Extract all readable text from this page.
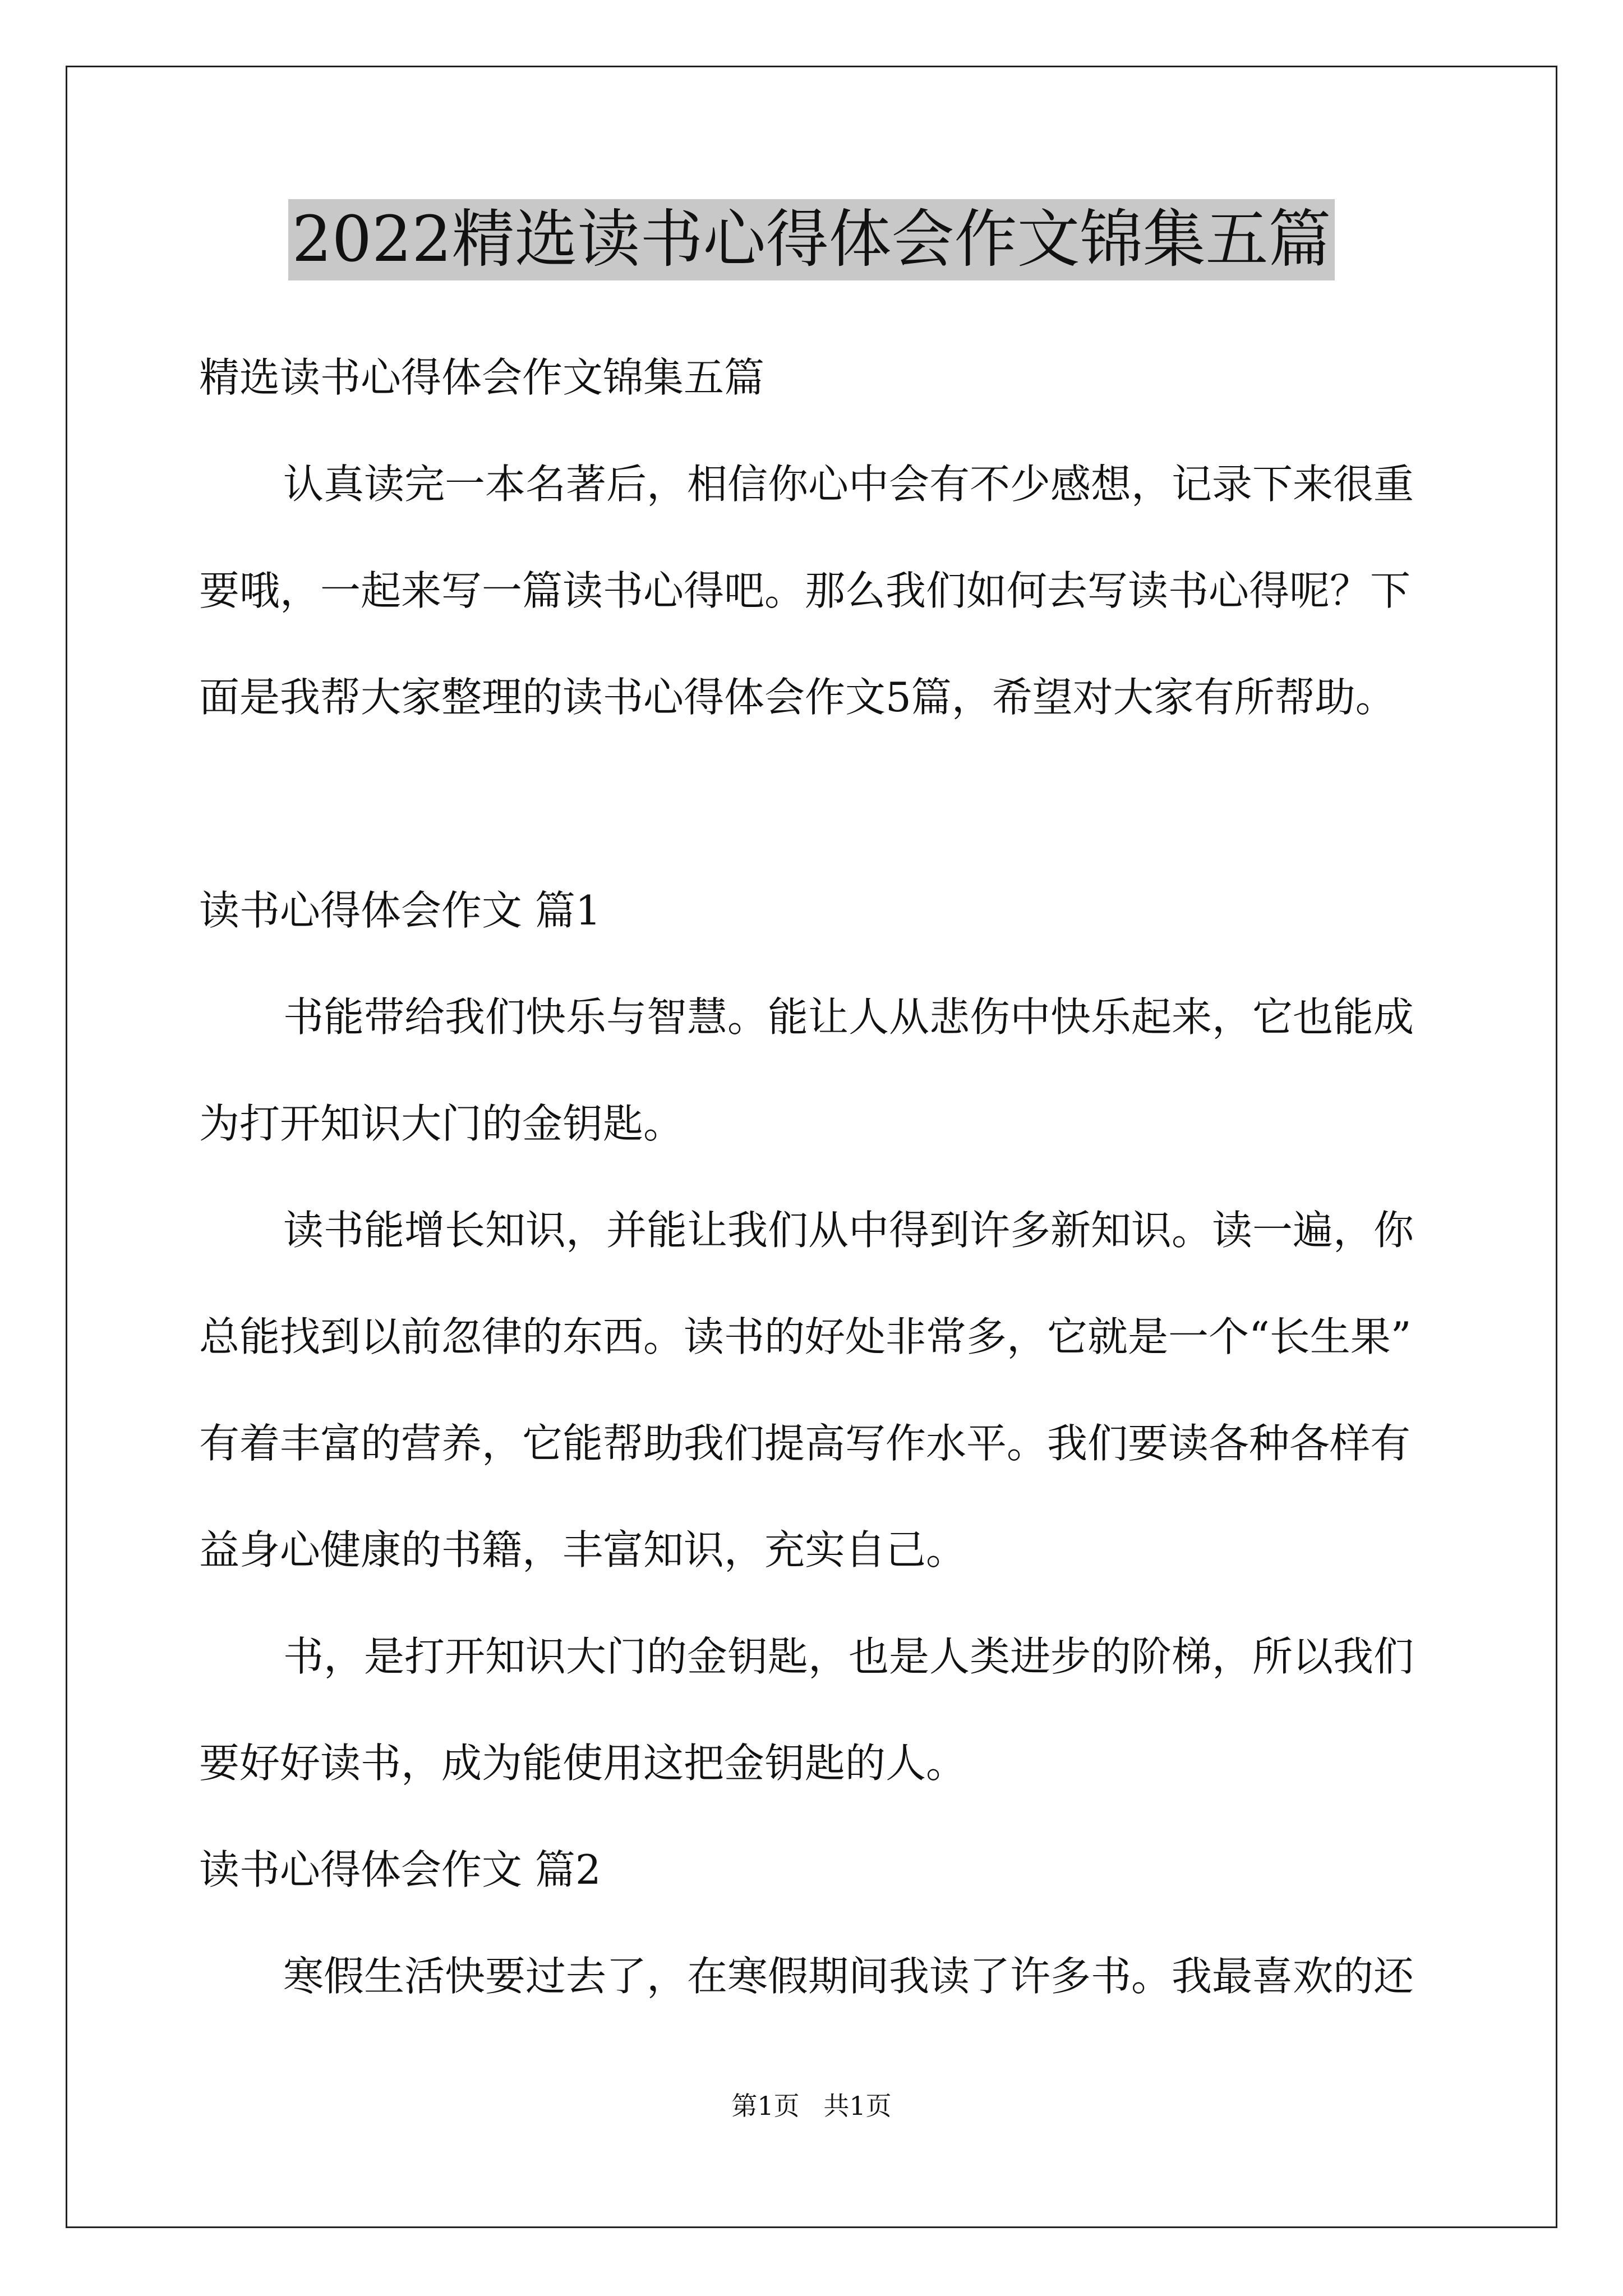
2022精选读书心得体会作文锦集五篇
精选读书心得体会作文锦集五篇
认真读完一本名著后，相信你心中会有不少感想，记录下来很重
要哦，一起来写一篇读书心得吧。那么我们如何去写读书心得呢？下
面是我帮大家整理的读书心得体会作文5篇，希望对大家有所帮助。
读书心得体会作文 篇1
书能带给我们快乐与智慧。能让人从悲伤中快乐起来，它也能成
为打开知识大门的金钥匙。
读书能增长知识，并能让我们从中得到许多新知识。读一遍，你
总能找到以前忽律的东西。读书的好处非常多，它就是一个“长生果”
有着丰富的营养，它能帮助我们提高写作水平。我们要读各种各样有
益身心健康的书籍，丰富知识，充实自己。
书，是打开知识大门的金钥匙，也是人类进步的阶梯，所以我们
要好好读书，成为能使用这把金钥匙的人。
读书心得体会作文 篇2
寒假生活快要过去了，在寒假期间我读了许多书。我最喜欢的还
第1页 共1页
